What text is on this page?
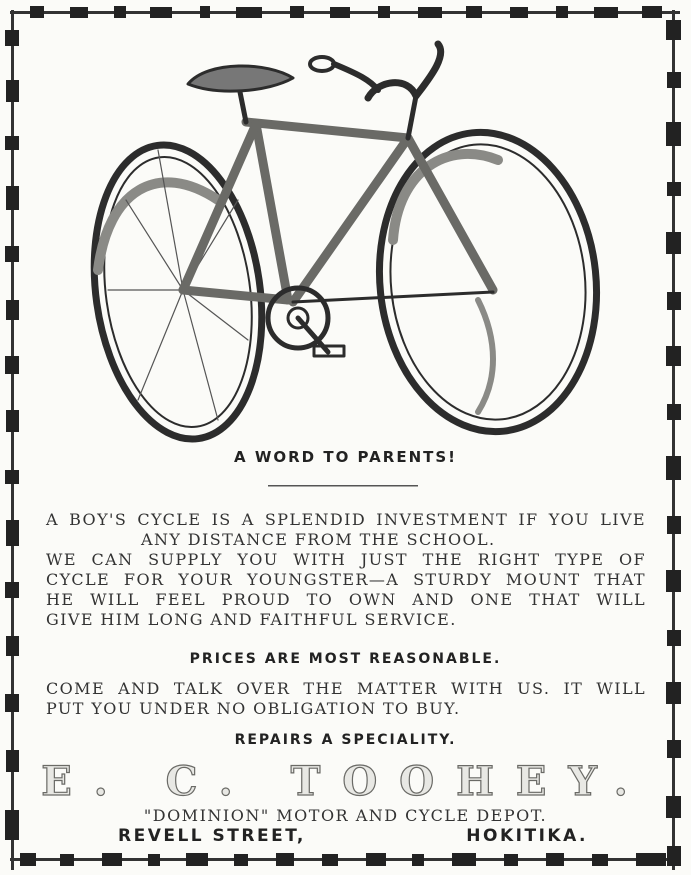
A WORD TO PARENTS!
A BOY'S CYCLE IS A SPLENDID INVESTMENT IF YOU LIVE
ANY DISTANCE FROM THE SCHOOL.
WE CAN SUPPLY YOU WITH JUST THE RIGHT TYPE OF
CYCLE FOR YOUR YOUNGSTER—A STURDY MOUNT THAT
HE WILL FEEL PROUD TO OWN AND ONE THAT WILL
GIVE HIM LONG AND FAITHFUL SERVICE.
PRICES ARE MOST REASONABLE.
COME AND TALK OVER THE MATTER WITH US. IT WILL
PUT YOU UNDER NO OBLIGATION TO BUY.
REPAIRS A SPECIALITY.
E. C. TOOHEY.
"DOMINION" MOTOR AND CYCLE DEPOT.
REVELL STREET,	HOKITIKA.
